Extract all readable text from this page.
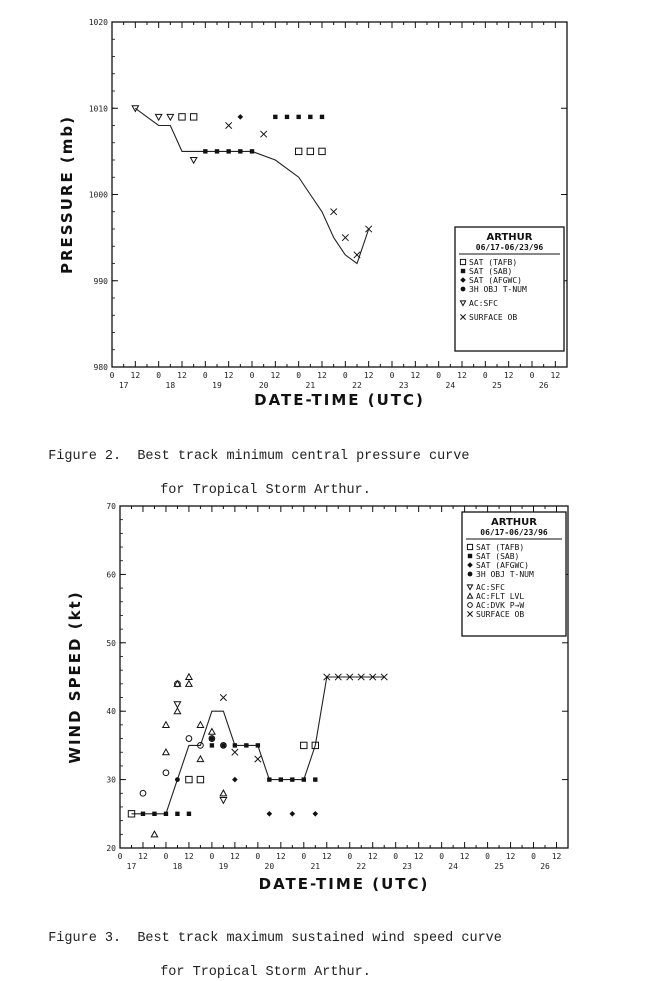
980
990
1000
1010
1020
0 12
17
0 12
18
0 12
19
0 12
20
0 12
21
0 12
22
0 12
23
0 12
24
0 12
25
0 12
26
DATE-TIME (UTC)
PRESSURE (mb)	ARTHUR
06/17-06/23/96
SAT (TAFB)
SAT (SAB)
SAT (AFGWC)
3H OBJ T-NUM
AC:SFC
SURFACE OB
20
30
40
50
60
70
0 12
17
0 12
18
0 12
19
0 12
20
0 12
21
0 12
22
0 12
23
0 12
24
0 12
25
0 12
26
DATE-TIME (UTC)
WIND SPEED (kt)
ARTHUR
06/17-06/23/96
SAT (TAFB)
SAT (SAB)
SAT (AFGWC)
3H OBJ T-NUM
AC:SFC
AC:FLT LVL
AC:DVK P→W
SURFACE OB

Figure 2. Best track minimum central pressure curve

for Tropical Storm Arthur.

Figure 3. Best track maximum sustained wind speed curve

for Tropical Storm Arthur.
